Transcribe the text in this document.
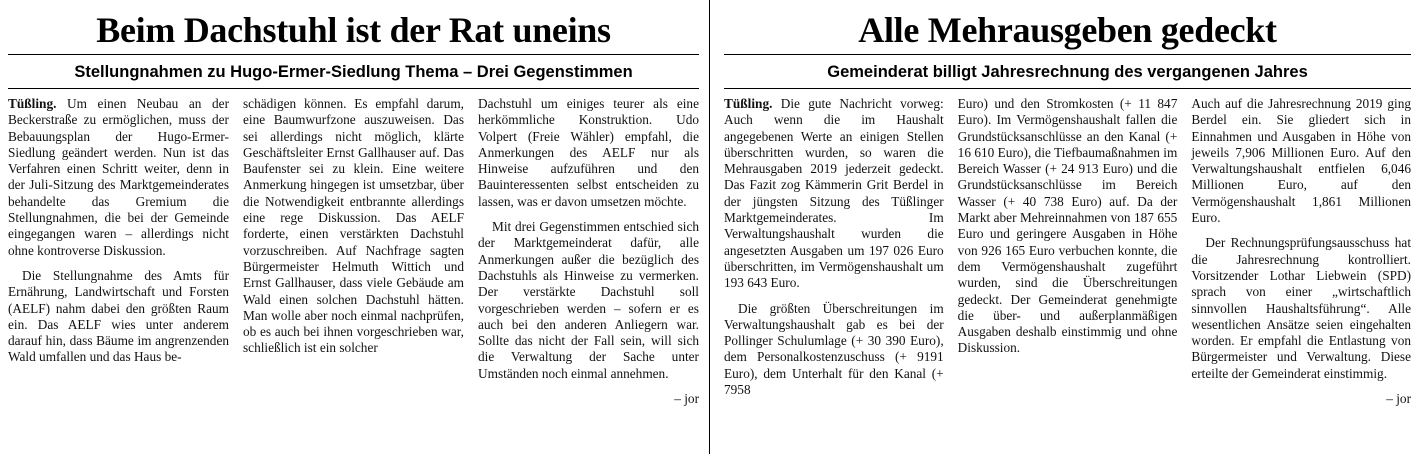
Beim Dachstuhl ist der Rat uneins
Stellungnahmen zu Hugo-Ermer-Siedlung Thema – Drei Gegenstimmen

Tüßling. Um einen Neubau an der Beckerstraße zu ermöglichen, muss der Bebauungsplan der Hugo-Ermer-Siedlung geändert werden. Nun ist das Verfahren einen Schritt weiter, denn in der Juli-Sitzung des Marktgemeinderates behandelte das Gremium die Stellungnahmen, die bei der Gemeinde eingegangen waren – allerdings nicht ohne kontroverse Diskussion.

Die Stellungnahme des Amts für Ernährung, Landwirtschaft und Forsten (AELF) nahm dabei den größten Raum ein. Das AELF wies unter anderem darauf hin, dass Bäume im angrenzenden Wald umfallen und das Haus be-

schädigen können. Es empfahl darum, eine Baumwurfzone auszuweisen. Das sei allerdings nicht möglich, klärte Geschäftsleiter Ernst Gallhauser auf. Das Baufenster sei zu klein. Eine weitere Anmerkung hingegen ist umsetzbar, über die Notwendigkeit entbrannte allerdings eine rege Diskussion. Das AELF forderte, einen verstärkten Dachstuhl vorzuschreiben. Auf Nachfrage sagten Bürgermeister Helmuth Wittich und Ernst Gallhauser, dass viele Gebäude am Wald einen solchen Dachstuhl hätten. Man wolle aber noch einmal nachprüfen, ob es auch bei ihnen vorgeschrieben war, schließlich ist ein solcher

Dachstuhl um einiges teurer als eine herkömmliche Konstruktion. Udo Volpert (Freie Wähler) empfahl, die Anmerkungen des AELF nur als Hinweise aufzuführen und den Bauinteressenten selbst entscheiden zu lassen, was er davon umsetzen möchte.

Mit drei Gegenstimmen entschied sich der Marktgemeinderat dafür, alle Anmerkungen außer die bezüglich des Dachstuhls als Hinweise zu vermerken. Der verstärkte Dachstuhl soll vorgeschrieben werden – sofern er es auch bei den anderen Anliegern war. Sollte das nicht der Fall sein, will sich die Verwaltung der Sache unter Umständen noch einmal annehmen.

– jor

Alle Mehrausgeben gedeckt
Gemeinderat billigt Jahresrechnung des vergangenen Jahres

Tüßling. Die gute Nachricht vorweg: Auch wenn die im Haushalt angegebenen Werte an einigen Stellen überschritten wurden, so waren die Mehrausgaben 2019 jederzeit gedeckt. Das Fazit zog Kämmerin Grit Berdel in der jüngsten Sitzung des Tüßlinger Marktgemeinderates. Im Verwaltungshaushalt wurden die angesetzten Ausgaben um 197 026 Euro überschritten, im Vermögenshaushalt um 193 643 Euro.

Die größten Überschreitungen im Verwaltungshaushalt gab es bei der Pollinger Schulumlage (+ 30 390 Euro), dem Personalkostenzuschuss (+ 9191 Euro), dem Unterhalt für den Kanal (+ 7958

Euro) und den Stromkosten (+ 11 847 Euro). Im Vermögenshaushalt fallen die Grundstücksanschlüsse an den Kanal (+ 16 610 Euro), die Tiefbaumaßnahmen im Bereich Wasser (+ 24 913 Euro) und die Grundstücksanschlüsse im Bereich Wasser (+ 40 738 Euro) auf. Da der Markt aber Mehreinnahmen von 187 655 Euro und geringere Ausgaben in Höhe von 926 165 Euro verbuchen konnte, die dem Vermögenshaushalt zugeführt wurden, sind die Überschreitungen gedeckt. Der Gemeinderat genehmigte die über- und außerplanmäßigen Ausgaben deshalb einstimmig und ohne Diskussion.

Auch auf die Jahresrechnung 2019 ging Berdel ein. Sie gliedert sich in Einnahmen und Ausgaben in Höhe von jeweils 7,906 Millionen Euro. Auf den Verwaltungshaushalt entfielen 6,046 Millionen Euro, auf den Vermögenshaushalt 1,861 Millionen Euro.

Der Rechnungsprüfungsausschuss hat die Jahresrechnung kontrolliert. Vorsitzender Lothar Liebwein (SPD) sprach von einer „wirtschaftlich sinnvollen Haushaltsführung“. Alle wesentlichen Ansätze seien eingehalten worden. Er empfahl die Entlastung von Bürgermeister und Verwaltung. Diese erteilte der Gemeinderat einstimmig.

– jor
